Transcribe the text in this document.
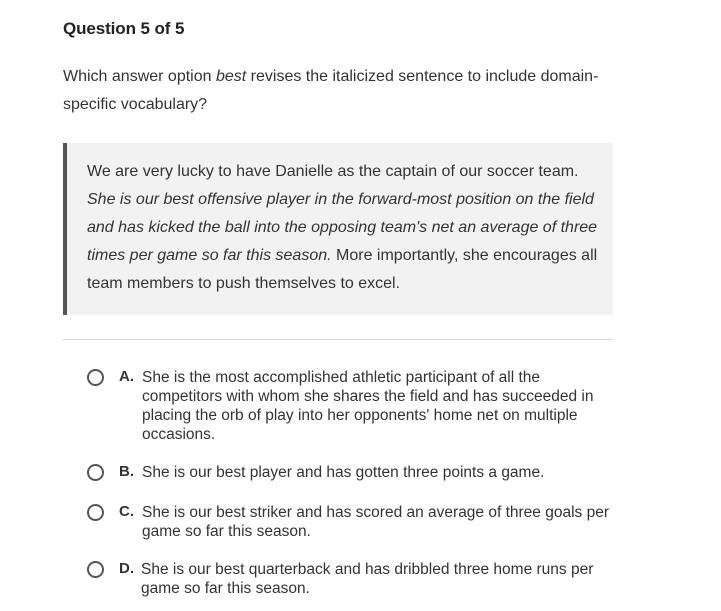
Question 5 of 5
Which answer option best revises the italicized sentence to include domain-specific vocabulary?
We are very lucky to have Danielle as the captain of our soccer team. She is our best offensive player in the forward-most position on the field and has kicked the ball into the opposing team's net an average of three times per game so far this season. More importantly, she encourages all team members to push themselves to excel.
A. She is the most accomplished athletic participant of all the competitors with whom she shares the field and has succeeded in placing the orb of play into her opponents' home net on multiple occasions.
B. She is our best player and has gotten three points a game.
C. She is our best striker and has scored an average of three goals per game so far this season.
D. She is our best quarterback and has dribbled three home runs per game so far this season.
